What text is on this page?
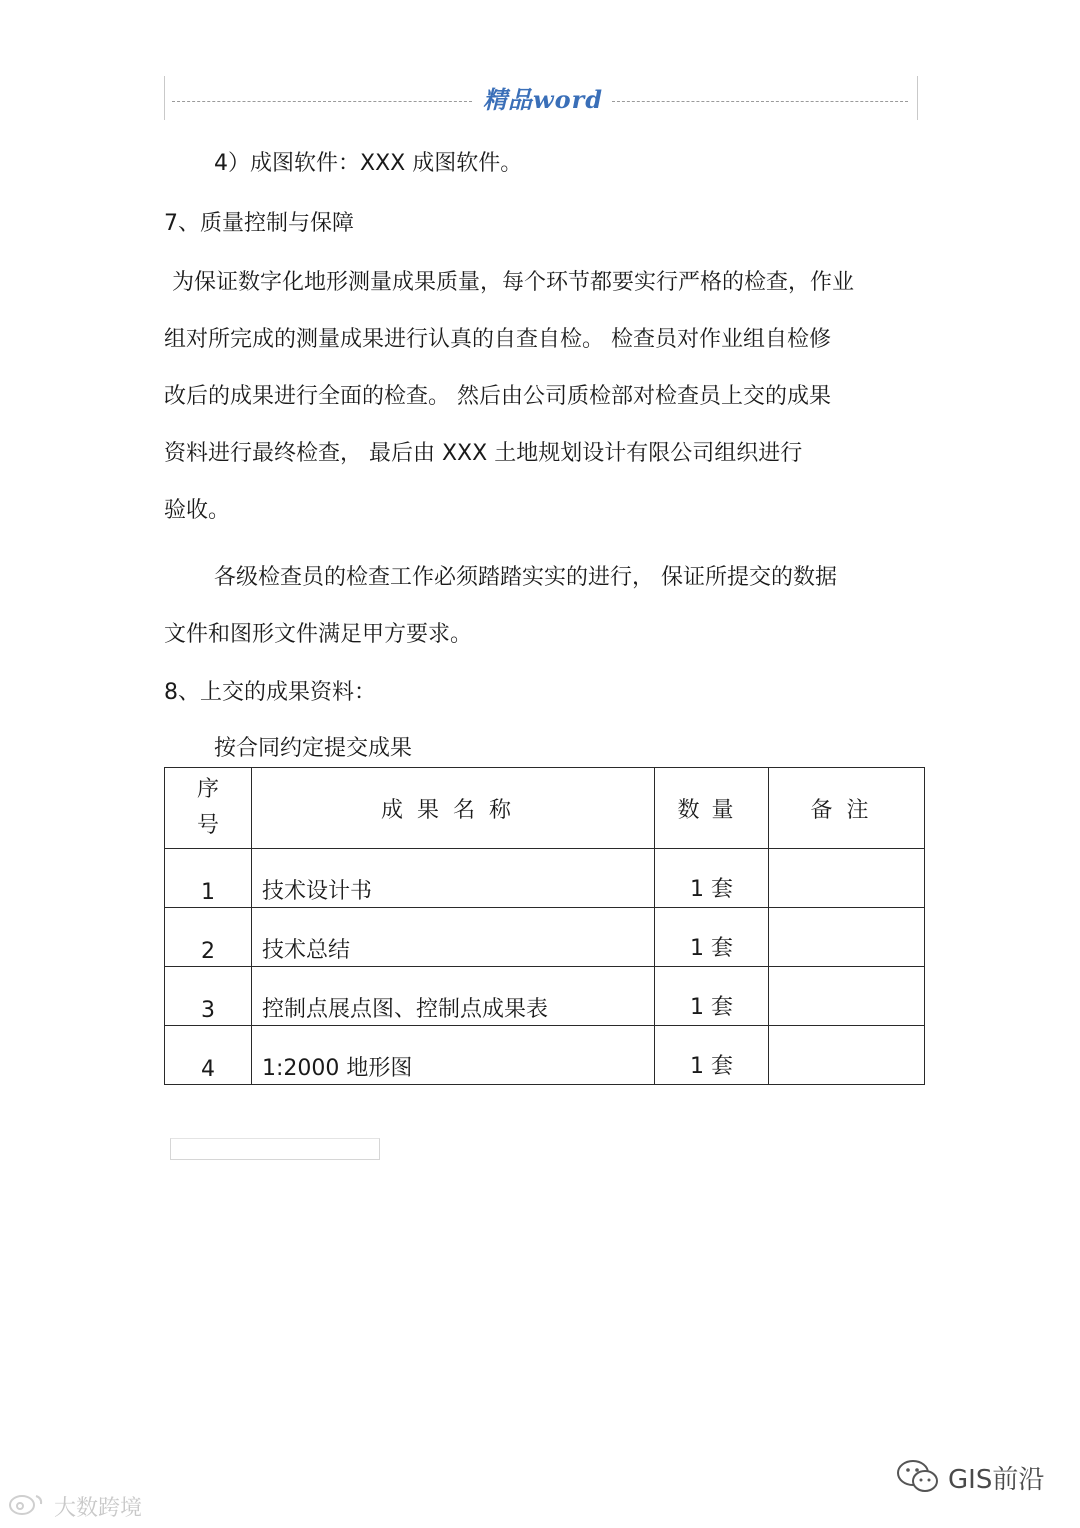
精品word
4）成图软件：XXX 成图软件。
7、质量控制与保障
为保证数字化地形测量成果质量，每个环节都要实行严格的检查，作业
组对所完成的测量成果进行认真的自查自检。 检查员对作业组自检修
改后的成果进行全面的检查。 然后由公司质检部对检查员上交的成果
资料进行最终检查， 最后由 XXX 土地规划设计有限公司组织进行
验收。
各级检查员的检查工作必须踏踏实实的进行， 保证所提交的数据
文件和图形文件满足甲方要求。
8、上交的成果资料：
按合同约定提交成果
序
号	成果名称	数量	备注
1	技术设计书	1 套	
2	技术总结	1 套	
3	控制点展点图、控制点成果表	1 套	
4	1:2000 地形图	1 套	
大数跨境
GIS前沿
